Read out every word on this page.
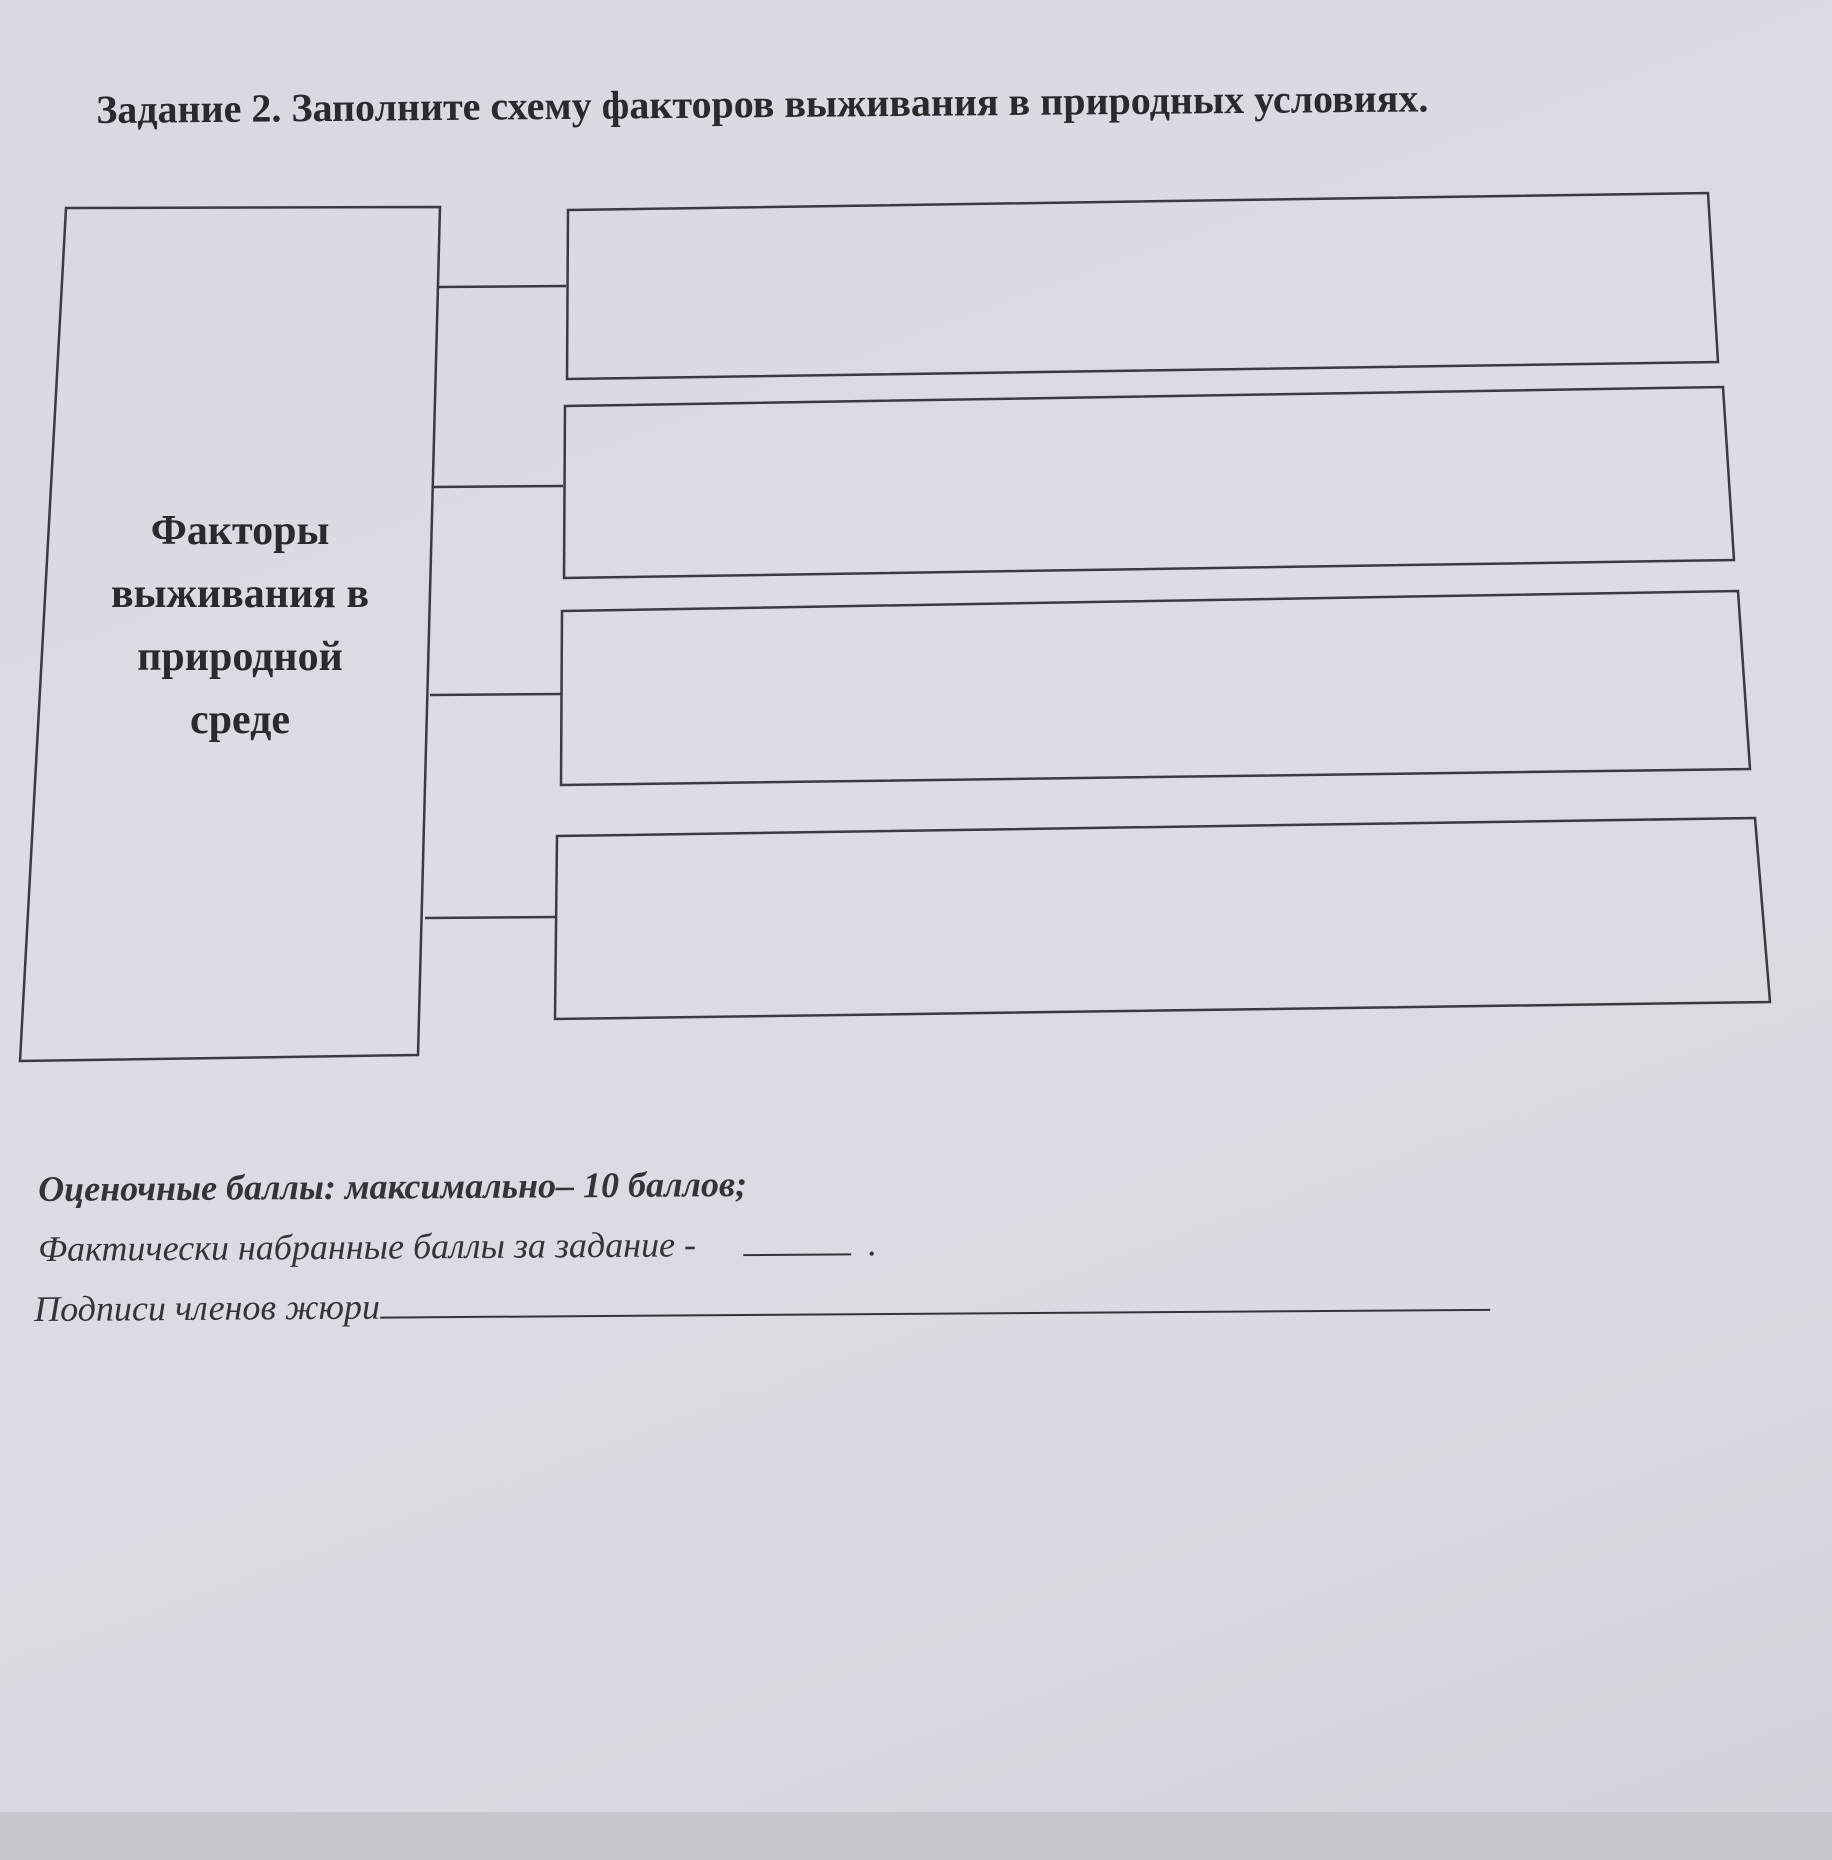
Задание 2. Заполните схему факторов выживания в природных условиях.
Факторы
выживания в
природной
среде
Оценочные баллы: максимально– 10 баллов;
Фактически набранные баллы за задание -	.
Подписи членов жюри
